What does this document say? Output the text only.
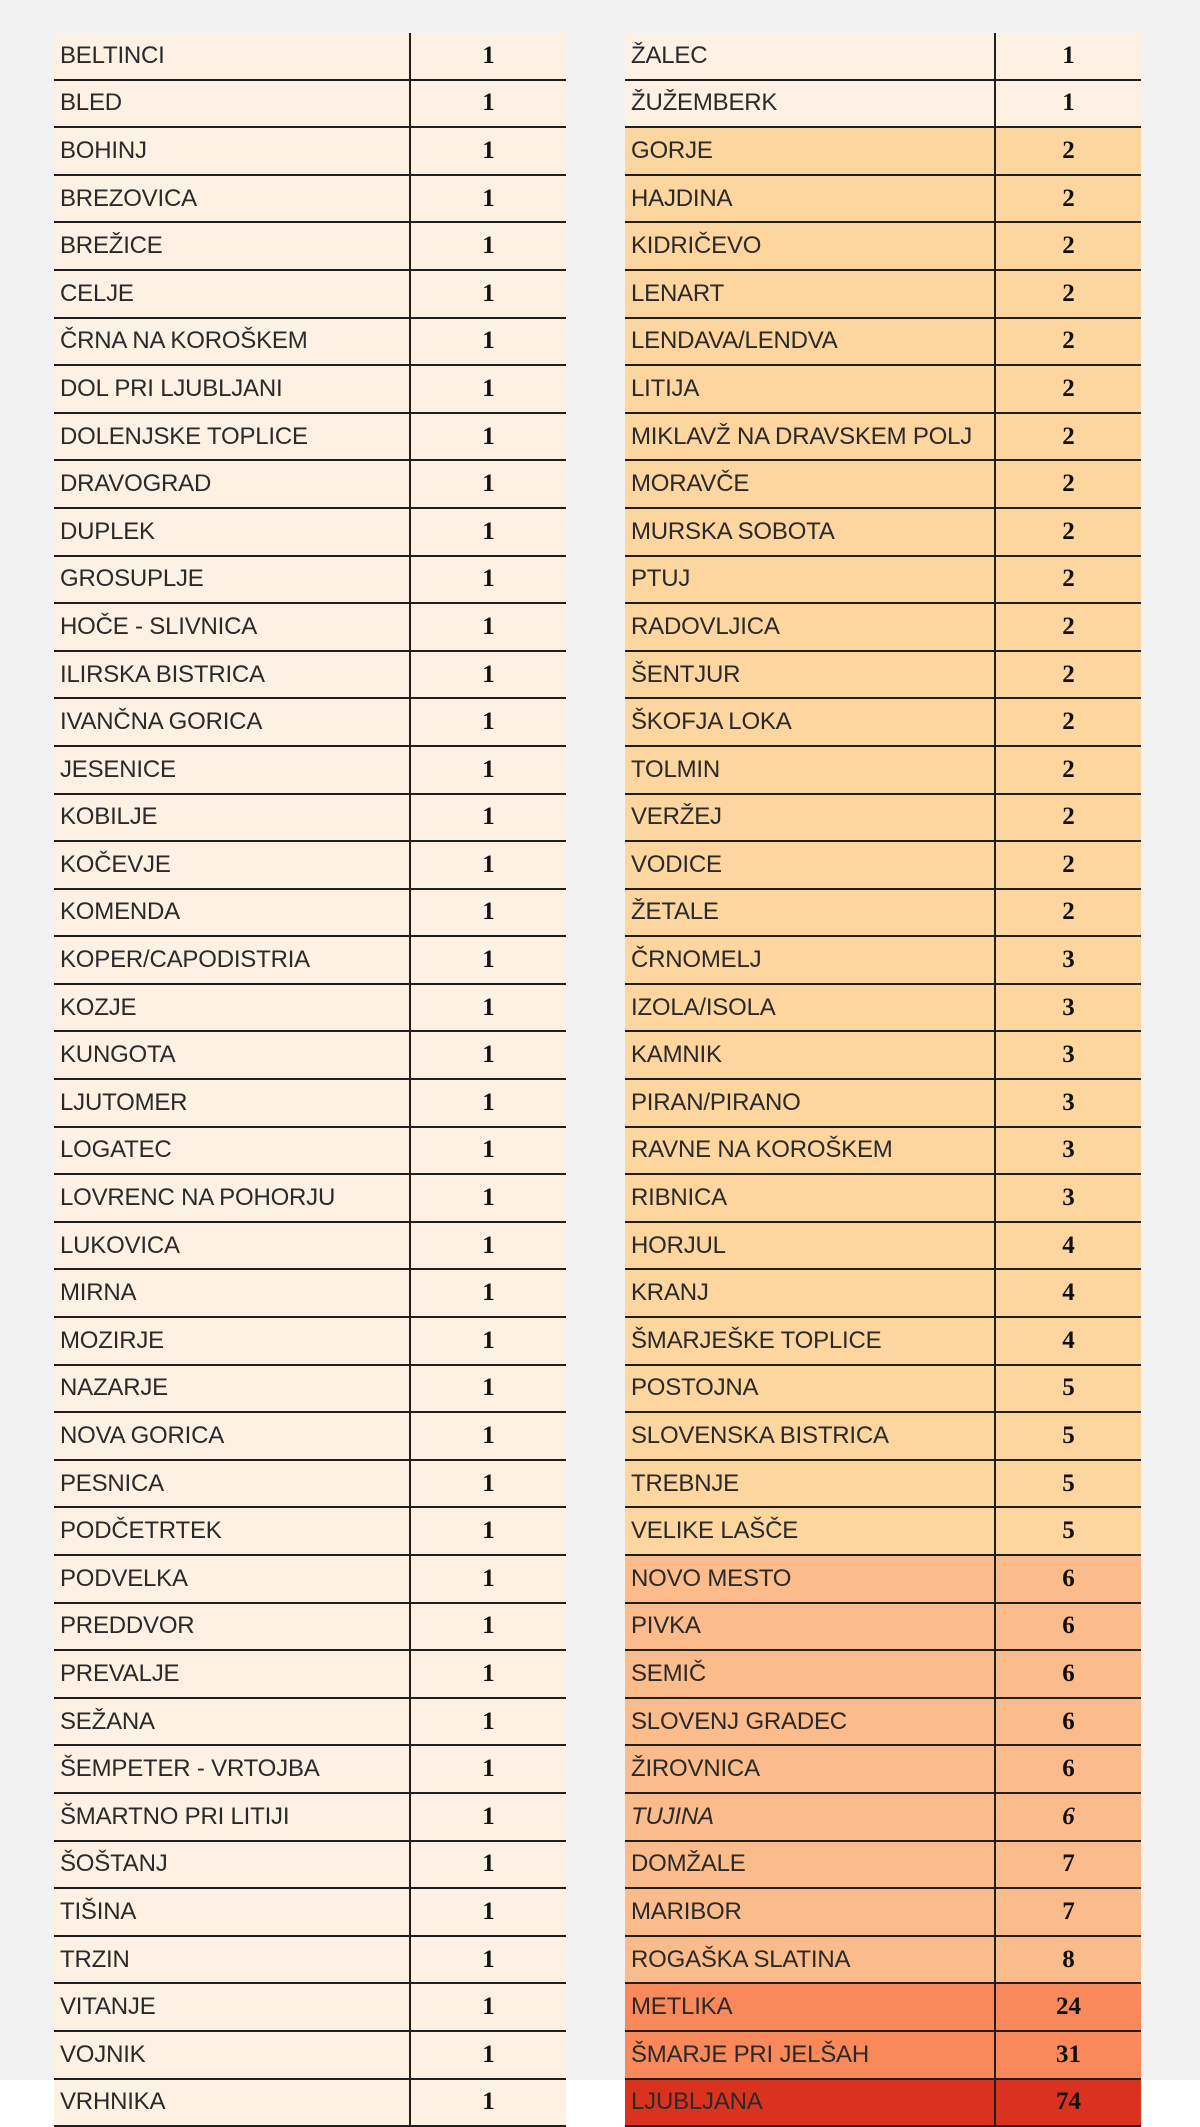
BELTINCI	1
BLED	1
BOHINJ	1
BREZOVICA	1
BREŽICE	1
CELJE	1
ČRNA NA KOROŠKEM	1
DOL PRI LJUBLJANI	1
DOLENJSKE TOPLICE	1
DRAVOGRAD	1
DUPLEK	1
GROSUPLJE	1
HOČE - SLIVNICA	1
ILIRSKA BISTRICA	1
IVANČNA GORICA	1
JESENICE	1
KOBILJE	1
KOČEVJE	1
KOMENDA	1
KOPER/CAPODISTRIA	1
KOZJE	1
KUNGOTA	1
LJUTOMER	1
LOGATEC	1
LOVRENC NA POHORJU	1
LUKOVICA	1
MIRNA	1
MOZIRJE	1
NAZARJE	1
NOVA GORICA	1
PESNICA	1
PODČETRTEK	1
PODVELKA	1
PREDDVOR	1
PREVALJE	1
SEŽANA	1
ŠEMPETER - VRTOJBA	1
ŠMARTNO PRI LITIJI	1
ŠOŠTANJ	1
TIŠINA	1
TRZIN	1
VITANJE	1
VOJNIK	1
VRHNIKA	1
ŽALEC	1
ŽUŽEMBERK	1
GORJE	2
HAJDINA	2
KIDRIČEVO	2
LENART	2
LENDAVA/LENDVA	2
LITIJA	2
MIKLAVŽ NA DRAVSKEM POLJ	2
MORAVČE	2
MURSKA SOBOTA	2
PTUJ	2
RADOVLJICA	2
ŠENTJUR	2
ŠKOFJA LOKA	2
TOLMIN	2
VERŽEJ	2
VODICE	2
ŽETALE	2
ČRNOMELJ	3
IZOLA/ISOLA	3
KAMNIK	3
PIRAN/PIRANO	3
RAVNE NA KOROŠKEM	3
RIBNICA	3
HORJUL	4
KRANJ	4
ŠMARJEŠKE TOPLICE	4
POSTOJNA	5
SLOVENSKA BISTRICA	5
TREBNJE	5
VELIKE LAŠČE	5
NOVO MESTO	6
PIVKA	6
SEMIČ	6
SLOVENJ GRADEC	6
ŽIROVNICA	6
TUJINA	6
DOMŽALE	7
MARIBOR	7
ROGAŠKA SLATINA	8
METLIKA	24
ŠMARJE PRI JELŠAH	31
LJUBLJANA	74
